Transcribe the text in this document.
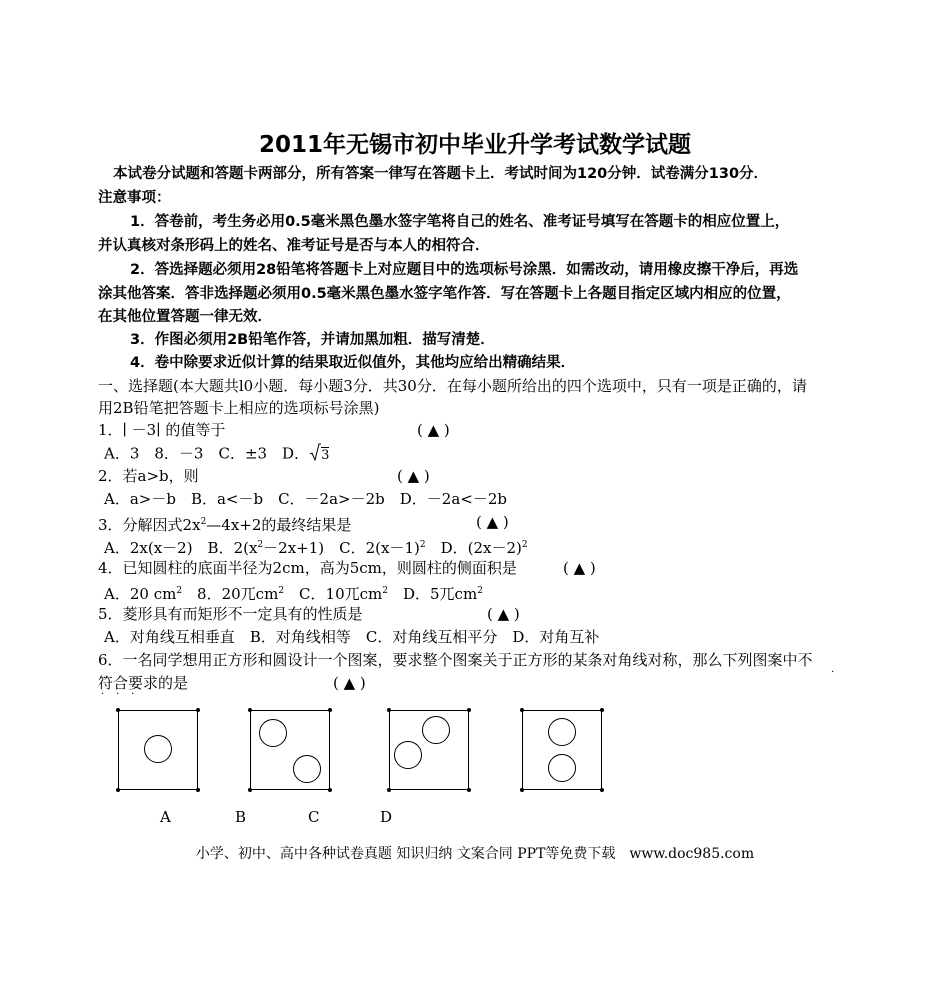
2011年无锡市初中毕业升学考试数学试题
本试卷分试题和答题卡两部分，所有答案一律写在答题卡上．考试时间为120分钟．试卷满分130分．
注意事项：
1．答卷前，考生务必用0.5毫米黑色墨水签字笔将自己的姓名、准考证号填写在答题卡的相应位置上，
并认真核对条形码上的姓名、准考证号是否与本人的相符合．
2．答选择题必须用28铅笔将答题卡上对应题目中的选项标号涂黑．如需改动，请用橡皮擦干净后，再选
涂其他答案．答非选择题必须用0.5毫米黑色墨水签字笔作答．写在答题卡上各题目指定区域内相应的位置，
在其他位置答题一律无效．
3．作图必须用2B铅笔作答，并请加黑加粗．描写清楚．
4．卷中除要求近似计算的结果取近似值外，其他均应给出精确结果．
一、选择题(本大题共l0小题．每小题3分．共30分．在每小题所给出的四个选项中，只有一项是正确的，请
用2B铅笔把答题卡上相应的选项标号涂黑)
1．∣ －3∣ 的值等于	( ▲ )
A．3　8．－3　C．±3　D． 3
2．若a>b，则	( ▲ )
A．a>－b　B．a<－b　C．－2a>－2b　D．－2a<－2b
3．分解因式$2x^2—4x+2$的最终结果是	( ▲ )
A．2x(x－2)　B．$2(x^2-2x+1)$　C．$2(x-1)^2$　D．$(2x-2)^2$
4．已知圆柱的底面半径为2cm，高为5cm，则圆柱的侧面积是	( ▲ )
A．20 $cm^2$　8．20兀$cm^2$　C．10兀$cm^2$　D．5兀$cm^2$
5．菱形具有而矩形不一定具有的性质是	( ▲ )
A．对角线互相垂直　B．对角线相等　C．对角线互相平分　D．对角互补
6．一名同学想用正方形和圆设计一个图案，要求整个图案关于正方形的某条对角线对称，那么下列图案中不
·
符合要求的是
· · ·
( ▲ )
A	B	C	D
小学、初中、高中各种试卷真题 知识归纳 文案合同 PPT等免费下载　www.doc985.com
